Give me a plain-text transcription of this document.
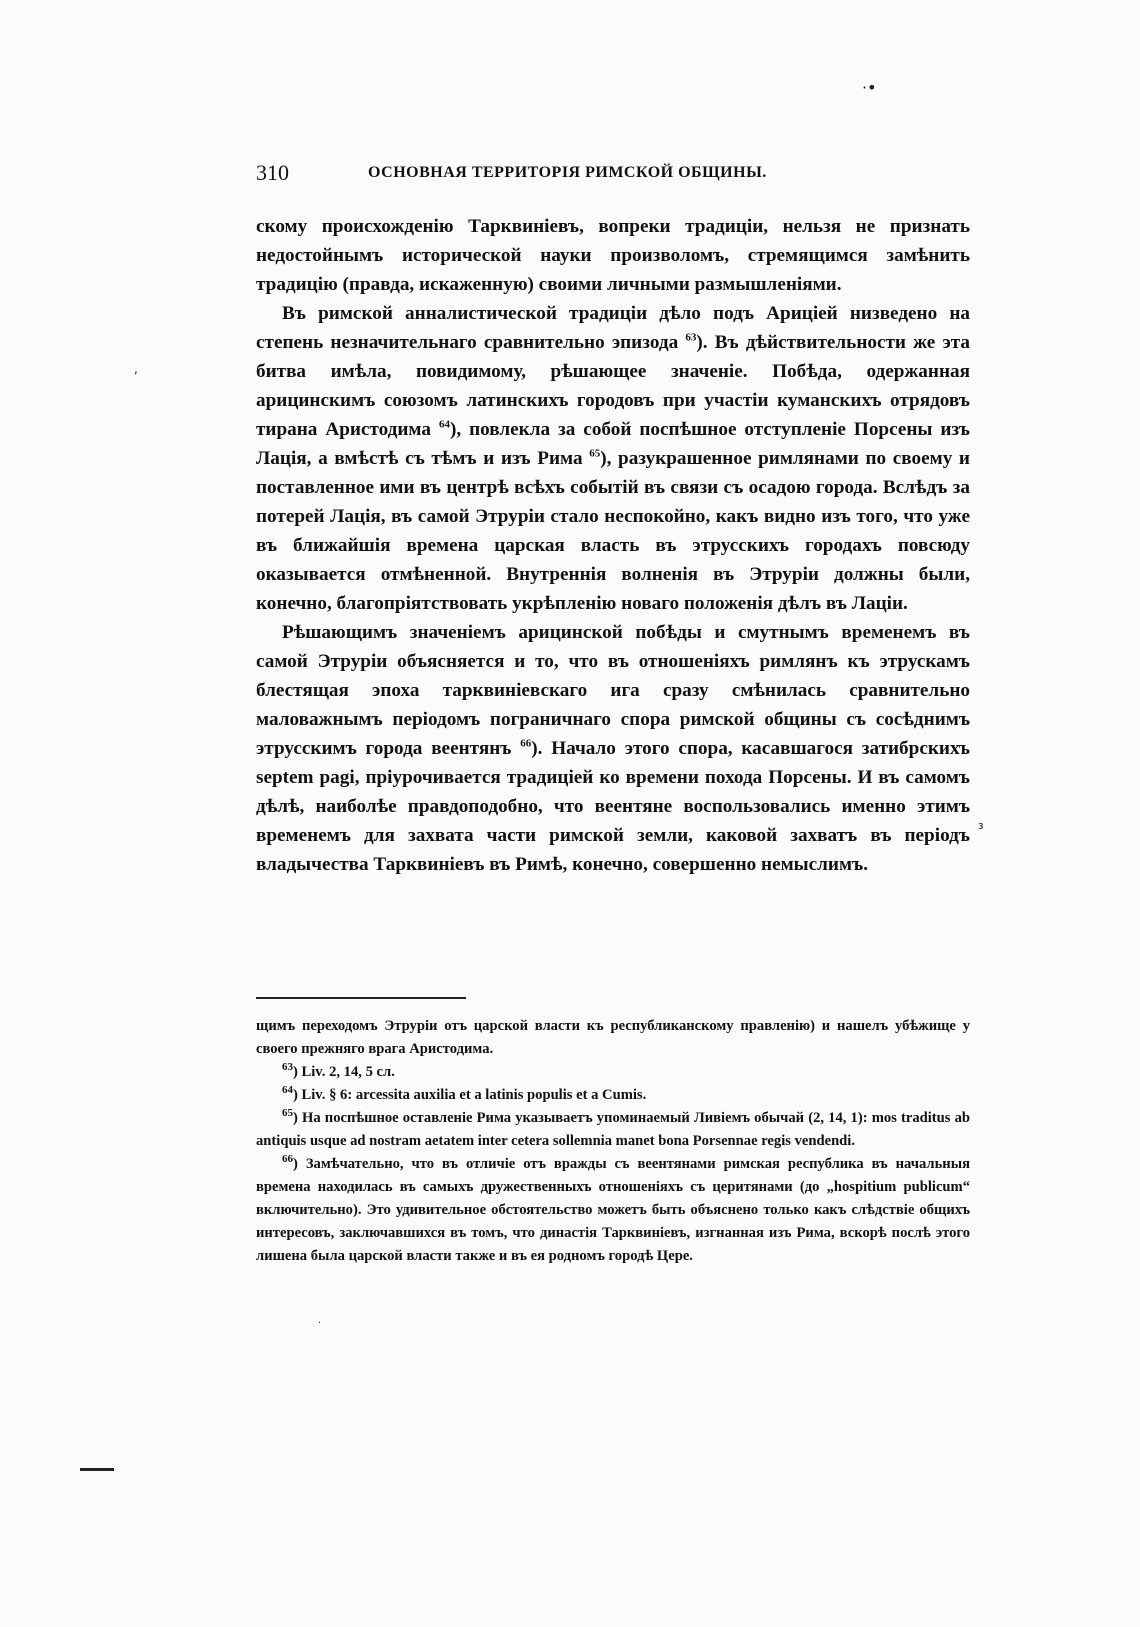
·•
310	ОСНОВНАЯ ТЕРРИТОРІЯ РИМСКОЙ ОБЩИНЫ.
,
₃

скому происхожденію Тарквиніевъ, вопреки традиціи, нельзя не признать недостойнымъ исторической науки произволомъ, стремящимся замѣнить традицію (правда, искаженную) своими личными размышленіями.

Въ римской анналистической традиціи дѣло подъ Ариціей низведено на степень незначительнаго сравнительно эпизода $^{63}$). Въ дѣйствительности же эта битва имѣла, повидимому, рѣшающее значеніе. Побѣда, одержанная арицинскимъ союзомъ латинскихъ городовъ при участіи куманскихъ отрядовъ тирана Аристодима $^{64}$), повлекла за собой поспѣшное отступленіе Порсены изъ Лація, а вмѣстѣ съ тѣмъ и изъ Рима $^{65}$), разукрашенное римлянами по своему и поставленное ими въ центрѣ всѣхъ событій въ связи съ осадою города. Вслѣдъ за потерей Лація, въ самой Этруріи стало неспокойно, какъ видно изъ того, что уже въ ближайшія времена царская власть въ этрусскихъ городахъ повсюду оказывается отмѣненной. Внутреннія волненія въ Этруріи должны были, конечно, благопріятствовать укрѣпленію новаго положенія дѣлъ въ Лаціи.

Рѣшающимъ значеніемъ арицинской побѣды и смутнымъ временемъ въ самой Этруріи объясняется и то, что въ отношеніяхъ римлянъ къ этрускамъ блестящая эпоха тарквиніевскаго ига сразу смѣнилась сравнительно маловажнымъ періодомъ пограничнаго спора римской общины съ сосѣднимъ этрусскимъ города веентянъ $^{66}$). Начало этого спора, касавшагося затибрскихъ septem pagi, пріурочивается традиціей ко времени похода Порсены. И въ самомъ дѣлѣ, наиболѣе правдоподобно, что веентяне воспользовались именно этимъ временемъ для захвата части римской земли, каковой захватъ въ періодъ владычества Тарквиніевъ въ Римѣ, конечно, совершенно немыслимъ.

щимъ переходомъ Этруріи отъ царской власти къ республиканскому правленію) и нашелъ убѣжище у своего прежняго врага Аристодима.

$^{63}$) Liv. 2, 14, 5 сл.

$^{64}$) Liv. § 6: arcessita auxilia et a latinis populis et a Cumis.

$^{65}$) На поспѣшное оставленіе Рима указываетъ упоминаемый Ливіемъ обычай (2, 14, 1): mos traditus ab antiquis usque ad nostram aetatem inter cetera sollemnia manet bona Porsennae regis vendendi.

$^{66}$) Замѣчательно, что въ отличіе отъ вражды съ веентянами римская республика въ начальныя времена находилась въ самыхъ дружественныхъ отношеніяхъ съ церитянами (до „hospitium publicum“ включительно). Это удивительное обстоятельство можетъ быть объяснено только какъ слѣдствіе общихъ интересовъ, заключавшихся въ томъ, что династія Тарквиніевъ, изгнанная изъ Рима, вскорѣ послѣ этого лишена была царской власти также и въ ея родномъ городѣ Цере.

·
